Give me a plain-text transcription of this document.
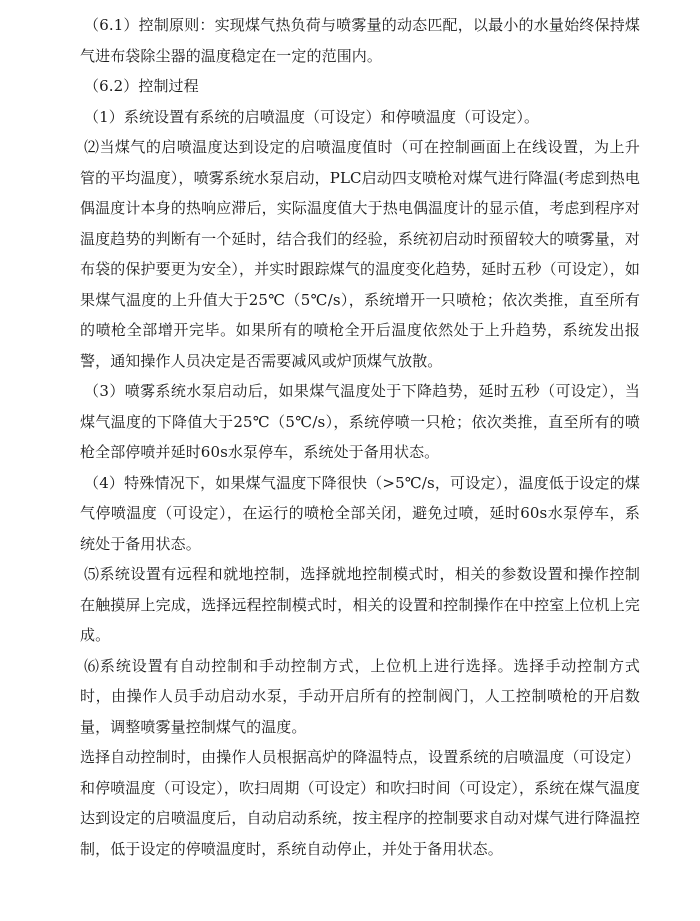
（6.1）控制原则：实现煤气热负荷与喷雾量的动态匹配，以最小的水量始终保持煤气进布袋除尘器的温度稳定在一定的范围内。

（6.2）控制过程

（1）系统设置有系统的启喷温度（可设定）和停喷温度（可设定）。

⑵当煤气的启喷温度达到设定的启喷温度值时（可在控制画面上在线设置，为上升管的平均温度），喷雾系统水泵启动，PLC启动四支喷枪对煤气进行降温(考虑到热电偶温度计本身的热响应滞后，实际温度值大于热电偶温度计的显示值，考虑到程序对温度趋势的判断有一个延时，结合我们的经验，系统初启动时预留较大的喷雾量，对布袋的保护要更为安全），并实时跟踪煤气的温度变化趋势，延时五秒（可设定），如果煤气温度的上升值大于25℃（5℃/s），系统增开一只喷枪；依次类推，直至所有的喷枪全部增开完毕。如果所有的喷枪全开后温度依然处于上升趋势，系统发出报警，通知操作人员决定是否需要减风或炉顶煤气放散。

（3）喷雾系统水泵启动后，如果煤气温度处于下降趋势，延时五秒（可设定），当煤气温度的下降值大于25℃（5℃/s），系统停喷一只枪；依次类推，直至所有的喷枪全部停喷并延时60s水泵停车，系统处于备用状态。

（4）特殊情况下，如果煤气温度下降很快（>5℃/s，可设定），温度低于设定的煤气停喷温度（可设定），在运行的喷枪全部关闭，避免过喷，延时60s水泵停车，系统处于备用状态。

⑸系统设置有远程和就地控制，选择就地控制模式时，相关的参数设置和操作控制在触摸屏上完成，选择远程控制模式时，相关的设置和控制操作在中控室上位机上完成。

⑹系统设置有自动控制和手动控制方式，上位机上进行选择。选择手动控制方式时，由操作人员手动启动水泵，手动开启所有的控制阀门，人工控制喷枪的开启数量，调整喷雾量控制煤气的温度。

选择自动控制时，由操作人员根据高炉的降温特点，设置系统的启喷温度（可设定）和停喷温度（可设定），吹扫周期（可设定）和吹扫时间（可设定），系统在煤气温度达到设定的启喷温度后，自动启动系统，按主程序的控制要求自动对煤气进行降温控制，低于设定的停喷温度时，系统自动停止，并处于备用状态。
